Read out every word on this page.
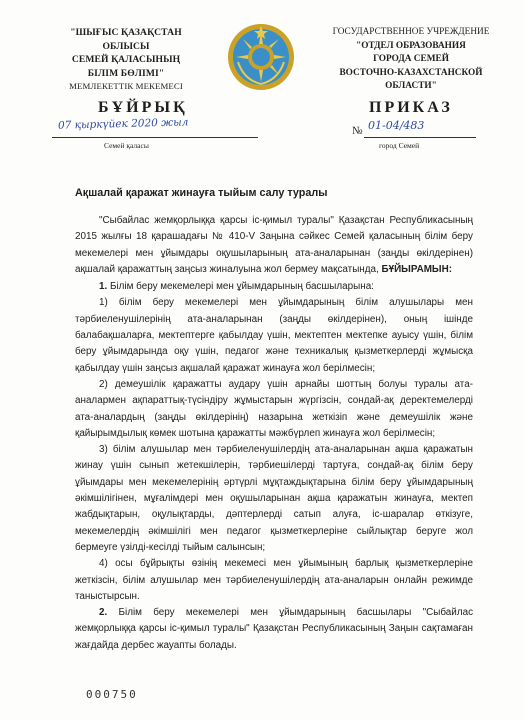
"ШЫҒЫС ҚАЗАҚСТАН
ОБЛЫСЫ
СЕМЕЙ ҚАЛАСЫНЫҢ
БІЛІМ БӨЛІМІ"
МЕМЛЕКЕТТІК МЕКЕМЕСІ
ГОСУДАРСТВЕННОЕ УЧРЕЖДЕНИЕ
"ОТДЕЛ ОБРАЗОВАНИЯ
ГОРОДА СЕМЕЙ
ВОСТОЧНО-КАЗАХСТАНСКОЙ
ОБЛАСТИ"
БҰЙРЫҚ	ПРИКАЗ
07 қыркүйек 2020 жыл
Семей қаласы
№ 01-04/483
город Семей
Ақшалай қаражат жинауға тыйым салу туралы

"Сыбайлас жемқорлыққа қарсы іс-қимыл туралы" Қазақстан Республикасының 2015 жылғы 18 қарашадағы № 410-V Заңына сәйкес Семей қаласының білім беру мекемелері мен ұйымдары оқушыларының ата-аналарынан (заңды өкілдерінен) ақшалай қаражаттың заңсыз жиналуына жол бермеу мақсатында, БҰЙЫРАМЫН:

1. Білім беру мекемелері мен ұйымдарының басшыларына:

1) білім беру мекемелері мен ұйымдарының білім алушылары мен тәрбиеленушілерінің ата-аналарынан (заңды өкілдерінен), оның ішінде балабақшаларға, мектептерге қабылдау үшін, мектептен мектепке ауысу үшін, білім беру ұйымдарында оқу үшін, педагог және техникалық қызметкерлерді жұмысқа қабылдау үшін заңсыз ақшалай қаражат жинауға жол берілмесін;

2) демеушілік қаражатты аудару үшін арнайы шоттың болуы туралы ата-аналармен ақпараттық-түсіндіру жұмыстарын жүргізсін, сондай-ақ деректемелерді ата-аналардың (заңды өкілдерінің) назарына жеткізіп және демеушілік және қайырымдылық көмек шотына қаражатты мәжбүрлеп жинауға жол берілмесін;

3) білім алушылар мен тәрбиеленушілердің ата-аналарынан ақша қаражатын жинау үшін сынып жетекшілерін, тәрбиешілерді тартуға, сондай-ақ білім беру ұйымдары мен мекемелерінің әртүрлі мұқтаждықтарына білім беру ұйымдарының әкімшілігінен, мұғалімдері мен оқушыларынан ақша қаражатын жинауға, мектеп жабдықтарын, оқулықтарды, дәптерлерді сатып алуға, іс-шаралар өткізуге, мекемелердің әкімшілігі мен педагог қызметкерлеріне сыйлықтар беруге жол бермеуге үзілді-кесілді тыйым салынсын;

4) осы бұйрықты өзінің мекемесі мен ұйымының барлық қызметкерлеріне жеткізсін, білім алушылар мен тәрбиеленушілердің ата-аналарын онлайн режимде таныстырсын.

2. Білім беру мекемелері мен ұйымдарының басшылары "Сыбайлас жемқорлыққа қарсы іс-қимыл туралы" Қазақстан Республикасының Заңын сақтамаған жағдайда дербес жауапты болады.

000750
